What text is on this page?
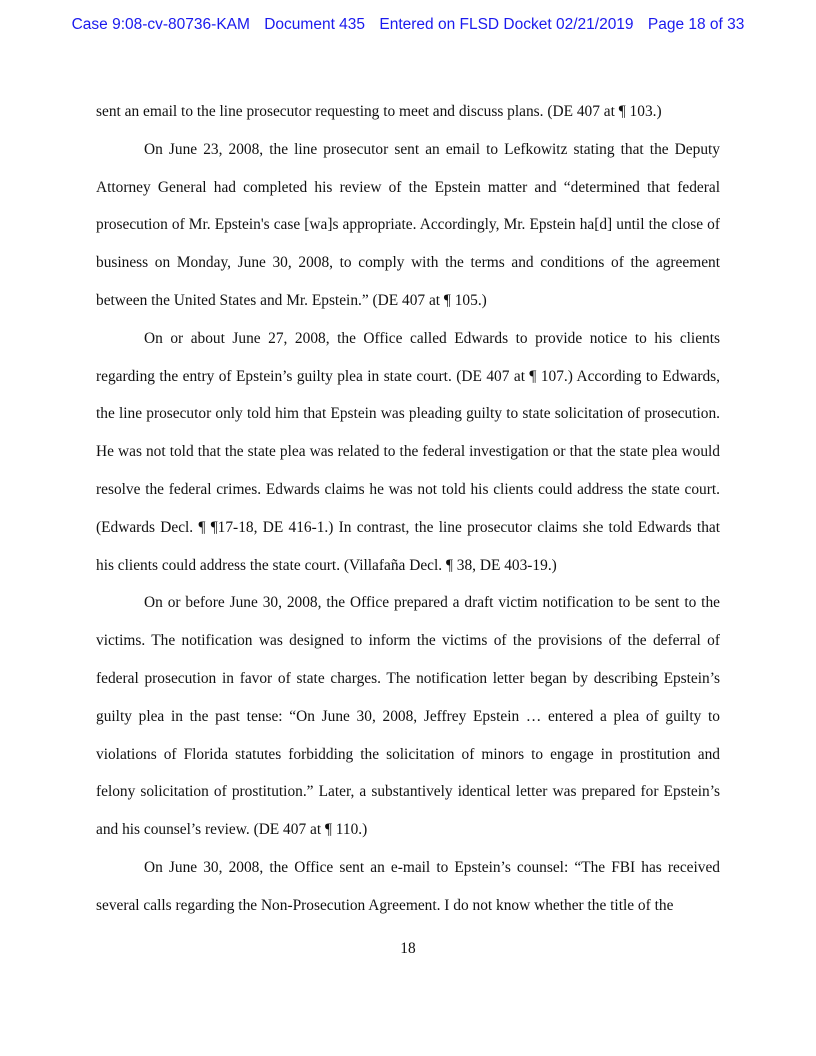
Case 9:08-cv-80736-KAM Document 435 Entered on FLSD Docket 02/21/2019 Page 18 of 33

sent an email to the line prosecutor requesting to meet and discuss plans. (DE 407 at ¶ 103.)

On June 23, 2008, the line prosecutor sent an email to Lefkowitz stating that the Deputy Attorney General had completed his review of the Epstein matter and “determined that federal prosecution of Mr. Epstein's case [wa]s appropriate. Accordingly, Mr. Epstein ha[d] until the close of business on Monday, June 30, 2008, to comply with the terms and conditions of the agreement between the United States and Mr. Epstein.” (DE 407 at ¶ 105.)

On or about June 27, 2008, the Office called Edwards to provide notice to his clients regarding the entry of Epstein’s guilty plea in state court. (DE 407 at ¶ 107.) According to Edwards, the line prosecutor only told him that Epstein was pleading guilty to state solicitation of prosecution. He was not told that the state plea was related to the federal investigation or that the state plea would resolve the federal crimes. Edwards claims he was not told his clients could address the state court. (Edwards Decl. ¶ ¶17-18, DE 416-1.) In contrast, the line prosecutor claims she told Edwards that his clients could address the state court. (Villafaña Decl. ¶ 38, DE 403-19.)

On or before June 30, 2008, the Office prepared a draft victim notification to be sent to the victims. The notification was designed to inform the victims of the provisions of the deferral of federal prosecution in favor of state charges. The notification letter began by describing Epstein’s guilty plea in the past tense: “On June 30, 2008, Jeffrey Epstein … entered a plea of guilty to violations of Florida statutes forbidding the solicitation of minors to engage in prostitution and felony solicitation of prostitution.” Later, a substantively identical letter was prepared for Epstein’s and his counsel’s review. (DE 407 at ¶ 110.)

On June 30, 2008, the Office sent an e-mail to Epstein’s counsel: “The FBI has received several calls regarding the Non-Prosecution Agreement. I do not know whether the title of the

18
